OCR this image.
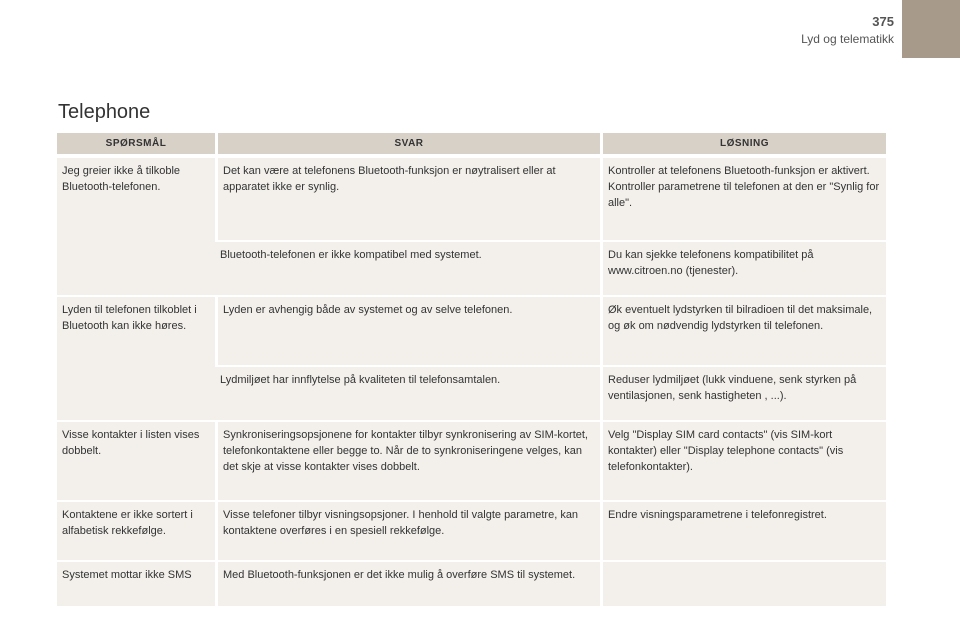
375
Lyd og telematikk
Telephone
SPØRSMÅL	SVAR	LØSNING
Jeg greier ikke å tilkoble Bluetooth-telefonen.	Det kan være at telefonens Bluetooth-funksjon er nøytralisert eller at apparatet ikke er synlig.	Kontroller at telefonens Bluetooth-funksjon er aktivert.

Kontroller parametrene til telefonen at den er "Synlig for alle".

	Bluetooth-telefonen er ikke kompatibel med systemet.	Du kan sjekke telefonens kompatibilitet på www.citroen.no (tjenester).

Lyden til telefonen tilkoblet i Bluetooth kan ikke høres.	Lyden er avhengig både av systemet og av selve telefonen.	Øk eventuelt lydstyrken til bilradioen til det maksimale, og øk om nødvendig lydstyrken til telefonen.

	Lydmiljøet har innflytelse på kvaliteten til telefonsamtalen.	Reduser lydmiljøet (lukk vinduene, senk styrken på ventilasjonen, senk hastigheten , ...).

Visse kontakter i listen vises dobbelt.	Synkroniseringsopsjonene for kontakter tilbyr synkronisering av SIM-kortet, telefonkontaktene eller begge to. Når de to synkroniseringene velges, kan det skje at visse kontakter vises dobbelt.	Velg "Display SIM card contacts" (vis SIM-kort kontakter) eller "Display telephone contacts" (vis telefonkontakter).

Kontaktene er ikke sortert i alfabetisk rekkefølge.	Visse telefoner tilbyr visningsopsjoner. I henhold til valgte parametre, kan kontaktene overføres i en spesiell rekkefølge.	Endre visningsparametrene i telefonregistret.

Systemet mottar ikke SMS	Med Bluetooth-funksjonen er det ikke mulig å overføre SMS til systemet.	
